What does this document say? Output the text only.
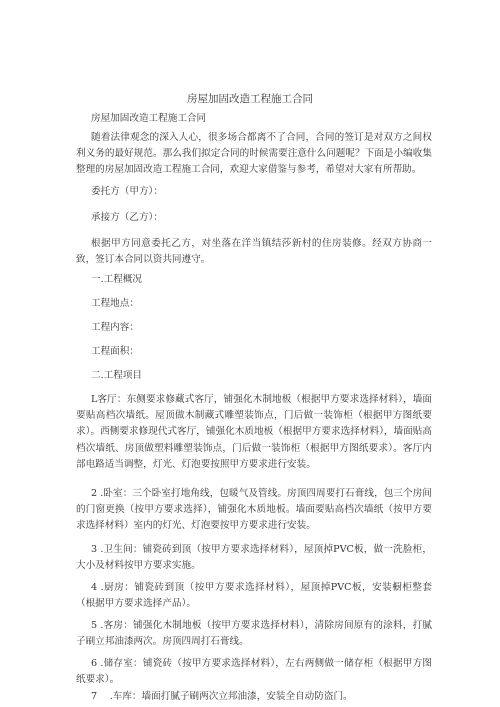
房屋加固改造工程施工合同
房屋加固改造工程施工合同
随着法律观念的深入人心，很多场合都离不了合同，合同的签订是对双方之间权利义务的最好规范。那么我们拟定合同的时候需要注意什么问题呢？下面是小编收集整理的房屋加固改造工程施工合同，欢迎大家借鉴与参考，希望对大家有所帮助。
委托方（甲方）：
承接方（乙方）：
根据甲方同意委托乙方，对坐落在洋当镇结莎新村的住房装修。经双方协商一致，签订本合同以资共同遵守。
一.工程概况
工程地点：
工程内容：
工程面积：
二.工程项目
L客厅：东侧要求修藏式客厅，铺强化木制地板（根据甲方要求选择材料），墙面要贴高档次墙纸。屋顶做木制藏式雕塑装饰点，门后做一装饰柜（根据甲方图纸要求）。西侧要求修现代式客厅，铺强化木质地板（根据甲方要求选择材料），墙面贴高档次墙纸、房顶做塑料雕塑装饰点，门后做一装饰柜（根据甲方图纸要求）。客厅内部电路适当调整，灯光、灯泡要按照甲方要求进行安装。
2 .卧室：三个卧室打地角线，包暖气及管线。房顶四周要打石膏线，包三个房间的门窗更换（按甲方要求选择），铺强化木质地板。墙面要贴高档次墙纸（按甲方要求选择材料）室内的灯光、灯泡要按甲方要求进行安装。
3 .卫生间：铺瓷砖到顶（按甲方要求选择材料），屋顶掉PVC板，做一洗脸柜，大小及材料按甲方要求实施。
4 .厨房：铺瓷砖到顶（按甲方要求选择材料），屋顶掉PVC板，安装橱柜整套（根据甲方要求选择产品）。
5 .客房：铺强化木制地板（按甲方要求选择材料），清除房间原有的涂料，打腻子刷立邦油漆两次。房顶四周打石膏线。
6 .储存室：铺瓷砖（按甲方要求选择材料），左右两侧做一储存柜（根据甲方图纸要求）。
7　 .车库：墙面打腻子刷两次立邦油漆，安装全自动防盗门。
